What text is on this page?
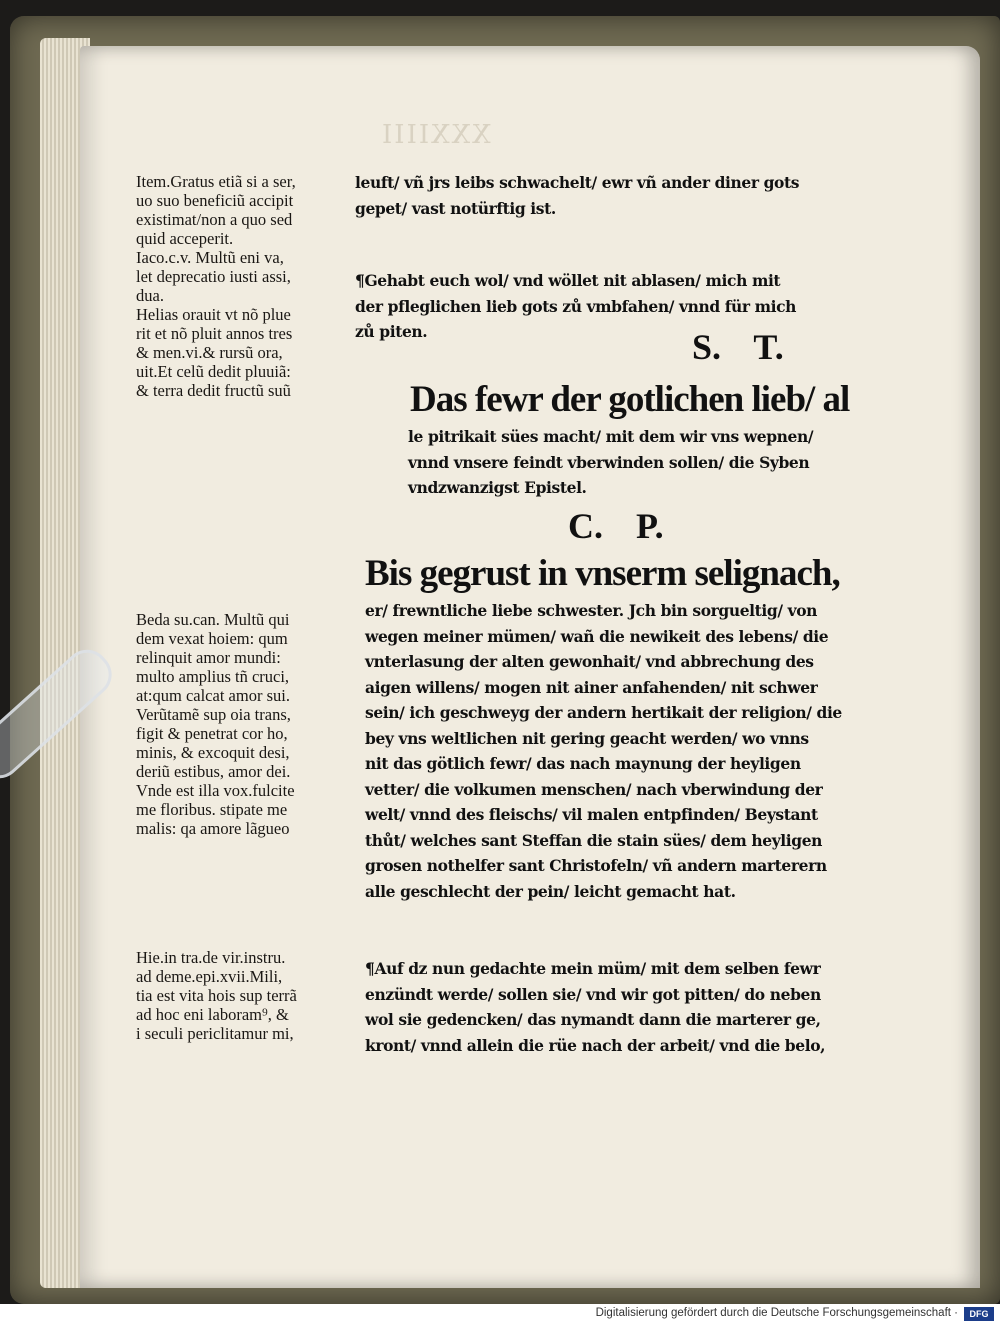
XXXIIII
Item.Gratus etiã si a ser,
uo suo beneficiũ accipit
existimat/non a quo sed
quid acceperit.
Iaco.c.v. Multũ eni va,
let deprecatio iusti assi,
dua.
Helias orauit vt nõ plue
rit et nõ pluit annos tres
& men.vi.& rursũ ora,
uit.Et celũ dedit pluuiã:
& terra dedit fructũ suũ
Beda su.can. Multũ qui
dem vexat hoiem: qum
relinquit amor mundi:
multo amplius tñ cruci,
at:qum calcat amor sui.
Verũtamẽ sup oia trans,
figit & penetrat cor ho,
minis, & excoquit desi,
deriũ estibus, amor dei.
Vnde est illa vox.fulcite
me floribus. stipate me
malis: qa amore lãgueo
Hie.in tra.de vir.instru.
ad deme.epi.xvii.Mili,
tia est vita hois sup terrã
ad hoc eni laboram⁹, &
i seculi periclitamur mi,
leuft/ vñ jrs leibs schwachelt/ ewr vñ ander diner gots
gepet/ vast notürftig ist.
¶Gehabt euch wol/ vnd wöllet nit ablasen/ mich mit
der pfleglichen lieb gots zů vmbfahen/ vnnd für mich
zů piten.	S. T.
Das fewr der gotlichen lieb/ al
le pitrikait sües macht/ mit dem wir vns wepnen/
vnnd vnsere feindt vberwinden sollen/ die Syben
vndzwanzigst Epistel.
C. P.
Bis gegrust in vnserm selignach,
er/ frewntliche liebe schwester. Jch bin sorgueltig/ von
wegen meiner mümen/ wañ die newikeit des lebens/ die
vnterlasung der alten gewonhait/ vnd abbrechung des
aigen willens/ mogen nit ainer anfahenden/ nit schwer
sein/ ich geschweyg der andern hertikait der religion/ die
bey vns weltlichen nit gering geacht werden/ wo vnns
nit das götlich fewr/ das nach maynung der heyligen
vetter/ die volkumen menschen/ nach vberwindung der
welt/ vnnd des fleischs/ vil malen entpfinden/ Beystant
thůt/ welches sant Steffan die stain sües/ dem heyligen
grosen nothelfer sant Christofeln/ vñ andern marterern
alle geschlecht der pein/ leicht gemacht hat.
¶Auf dz nun gedachte mein müm/ mit dem selben fewr
enzündt werde/ sollen sie/ vnd wir got pitten/ do neben
wol sie gedencken/ das nymandt dann die marterer ge,
kront/ vnnd allein die rüe nach der arbeit/ vnd die belo,
Digitalisierung gefördert durch die Deutsche Forschungsgemeinschaft ·	DFG
